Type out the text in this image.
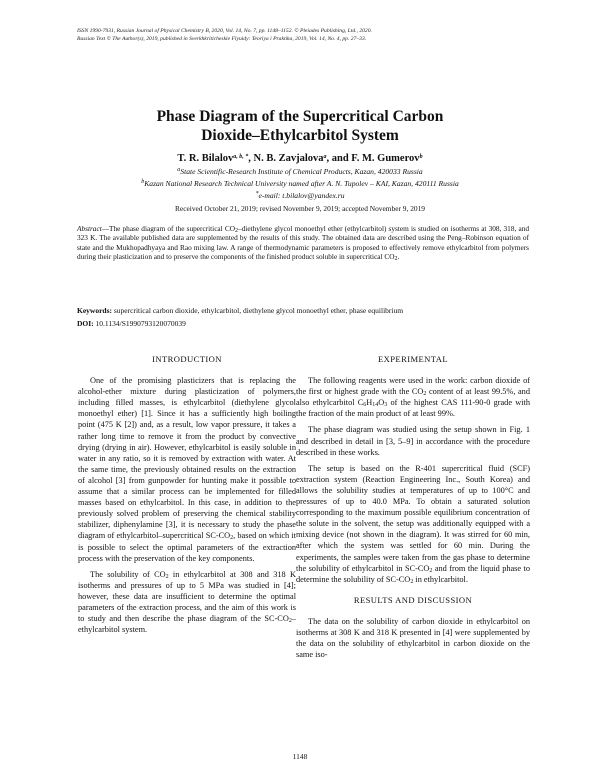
ISSN 1990-7931, Russian Journal of Physical Chemistry B, 2020, Vol. 14, No. 7, pp. 1148–1152. © Pleiades Publishing, Ltd., 2020.
Russian Text © The Author(s), 2019, published in Sverkhkriticheskie Flyuidy: Teoriya i Praktika, 2019, Vol. 14, No. 4, pp. 27–33.
Phase Diagram of the Supercritical Carbon
Dioxide–Ethylcarbitol System
T. R. Bilalov$^{a, b, *}$, N. B. Zavjalova$^a$, and F. M. Gumerov$^b$
$^a$State Scientific-Research Institute of Chemical Products, Kazan, 420033 Russia
$^b$Kazan National Research Technical University named after A. N. Tupolev – KAI, Kazan, 420111 Russia
*e-mail: t.bilalov@yandex.ru
Received October 21, 2019; revised November 9, 2019; accepted November 9, 2019
Abstract—The phase diagram of the supercritical $CO_2$–diethylene glycol monoethyl ether (ethylcarbitol) system is studied on isotherms at 308, 318, and 323 K. The available published data are supplemented by the results of this study. The obtained data are described using the Peng–Robinson equation of state and the Mukhopadhyaya and Rao mixing law. A range of thermodynamic parameters is proposed to effectively remove ethylcarbitol from polymers during their plasticization and to preserve the components of the finished product soluble in supercritical $CO_2$.
Keywords: supercritical carbon dioxide, ethylcarbitol, diethylene glycol monoethyl ether, phase equilibrium
DOI: 10.1134/S1990793120070039
INTRODUCTION

One of the promising plasticizers that is replacing the alcohol-ether mixture during plasticization of polymers, including filled masses, is ethylcarbitol (diethylene glycol monoethyl ether) [1]. Since it has a sufficiently high boiling point (475 K [2]) and, as a result, low vapor pressure, it takes a rather long time to remove it from the product by convective drying (drying in air). However, ethylcarbitol is easily soluble in water in any ratio, so it is removed by extraction with water. At the same time, the previously obtained results on the extraction of alcohol [3] from gunpowder for hunting make it possible to assume that a similar process can be implemented for filled masses based on ethylcarbitol. In this case, in addition to the previously solved problem of preserving the chemical stability stabilizer, diphenylamine [3], it is necessary to study the phase diagram of ethylcarbitol–supercritical $SC-CO_2$, based on which it is possible to select the optimal parameters of the extraction process with the preservation of the key components.

The solubility of $CO_2$ in ethylcarbitol at 308 and 318 K isotherms and pressures of up to 5 MPa was studied in [4]; however, these data are insufficient to determine the optimal parameters of the extraction process, and the aim of this work is to study and then describe the phase diagram of the $SC-CO_2$–ethylcarbitol system.

EXPERIMENTAL

The following reagents were used in the work: carbon dioxide of the first or highest grade with the $CO_2$ content of at least 99.5%, and also ethylcarbitol $C_6H_{14}O_3$ of the highest CAS 111-90-0 grade with the fraction of the main product of at least 99%.

The phase diagram was studied using the setup shown in Fig. 1 and described in detail in [3, 5–9] in accordance with the procedure described in these works.

The setup is based on the R-401 supercritical fluid (SCF) extraction system (Reaction Engineering Inc., South Korea) and allows the solubility studies at temperatures of up to 100°C and pressures of up to 40.0 MPa. To obtain a saturated solution corresponding to the maximum possible equilibrium concentration of the solute in the solvent, the setup was additionally equipped with a mixing device (not shown in the diagram). It was stirred for 60 min, after which the system was settled for 60 min. During the experiments, the samples were taken from the gas phase to determine the solubility of ethylcarbitol in $SC-CO_2$ and from the liquid phase to determine the solubility of $SC-CO_2$ in ethylcarbitol.

RESULTS AND DISCUSSION

The data on the solubility of carbon dioxide in ethylcarbitol on isotherms at 308 K and 318 K presented in [4] were supplemented by the data on the solubility of ethylcarbitol in carbon dioxide on the same iso-

1148
